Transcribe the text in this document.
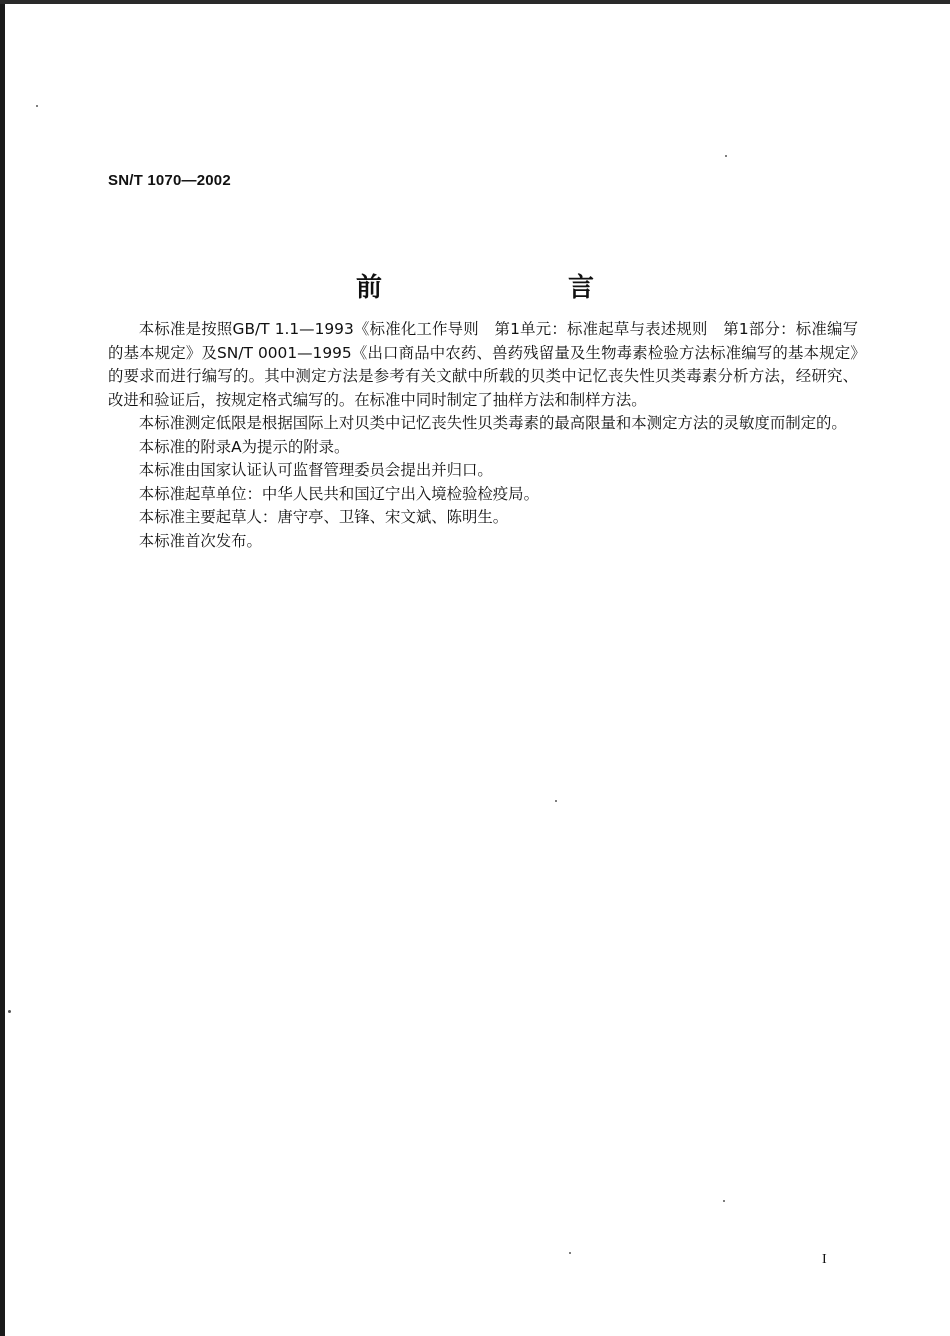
SN/T 1070—2002
前　言

本标准是按照GB/T 1.1—1993《标准化工作导则　第1单元：标准起草与表述规则　第1部分：标准编写的基本规定》及SN/T 0001—1995《出口商品中农药、兽药残留量及生物毒素检验方法标准编写的基本规定》的要求而进行编写的。其中测定方法是参考有关文献中所载的贝类中记忆丧失性贝类毒素分析方法，经研究、改进和验证后，按规定格式编写的。在标准中同时制定了抽样方法和制样方法。

本标准测定低限是根据国际上对贝类中记忆丧失性贝类毒素的最高限量和本测定方法的灵敏度而制定的。

本标准的附录A为提示的附录。

本标准由国家认证认可监督管理委员会提出并归口。

本标准起草单位：中华人民共和国辽宁出入境检验检疫局。

本标准主要起草人：唐守亭、卫锋、宋文斌、陈明生。

本标准首次发布。

I
